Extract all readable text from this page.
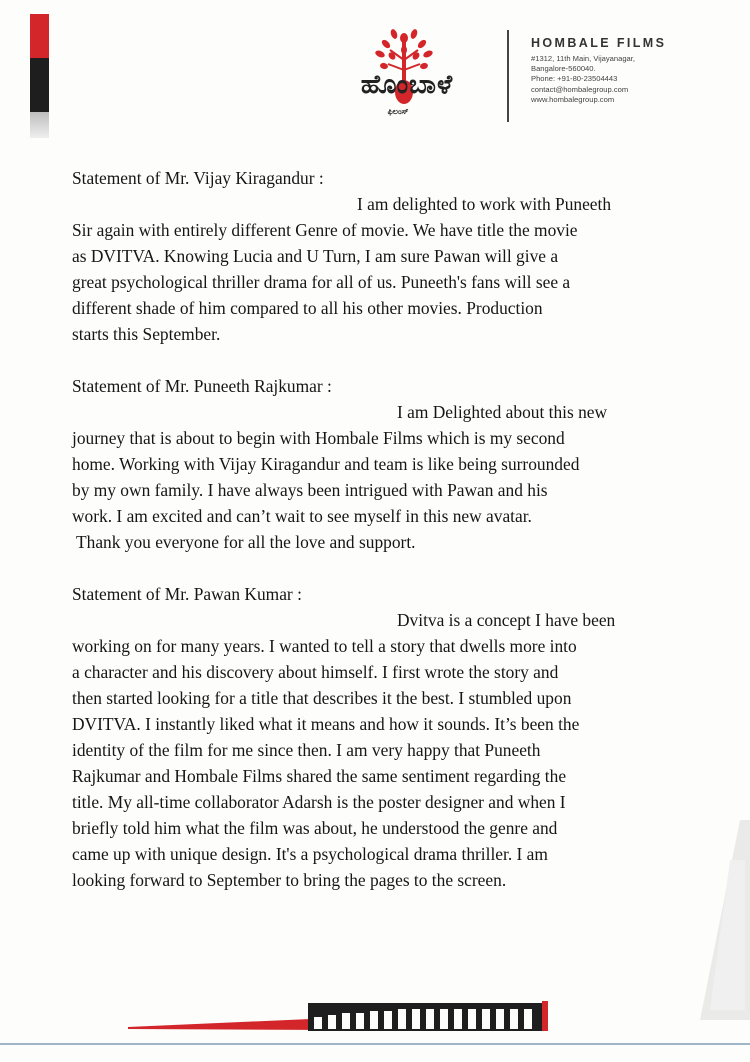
ಹೊಂಬಾಳೆ
ಫಿಲಂಸ್
HOMBALE FILMS
#1312, 11th Main, Vijayanagar,
Bangalore-560040.
Phone: +91-80-23504443
contact@hombalegroup.com
www.hombalegroup.com
Statement of Mr. Vijay Kiragandur :
I am delighted to work with Puneeth
Sir again with entirely different Genre of movie. We have title the movie
as DVITVA. Knowing Lucia and U Turn, I am sure Pawan will give a
great psychological thriller drama for all of us. Puneeth's fans will see a
different shade of him compared to all his other movies. Production
starts this September.
Statement of Mr. Puneeth Rajkumar :
I am Delighted about this new
journey that is about to begin with Hombale Films which is my second
home. Working with Vijay Kiragandur and team is like being surrounded
by my own family. I have always been intrigued with Pawan and his
work. I am excited and can’t wait to see myself in this new avatar.
Thank you everyone for all the love and support.
Statement of Mr. Pawan Kumar :
Dvitva is a concept I have been
working on for many years. I wanted to tell a story that dwells more into
a character and his discovery about himself. I first wrote the story and
then started looking for a title that describes it the best. I stumbled upon
DVITVA. I instantly liked what it means and how it sounds. It’s been the
identity of the film for me since then. I am very happy that Puneeth
Rajkumar and Hombale Films shared the same sentiment regarding the
title. My all-time collaborator Adarsh is the poster designer and when I
briefly told him what the film was about, he understood the genre and
came up with unique design. It's a psychological drama thriller. I am
looking forward to September to bring the pages to the screen.
